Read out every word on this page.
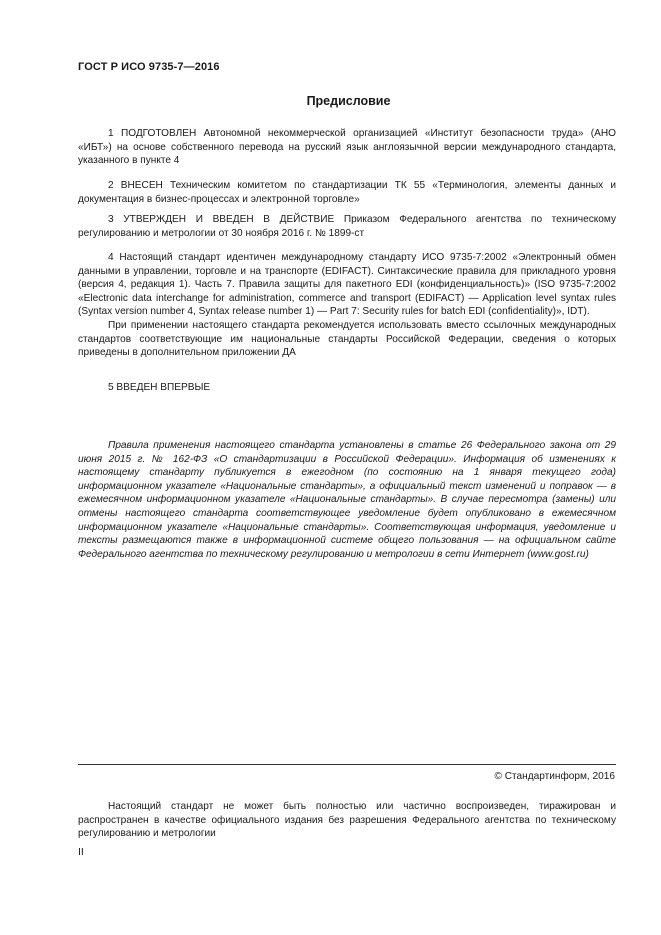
ГОСТ Р ИСО 9735-7—2016
Предисловие

1 ПОДГОТОВЛЕН Автономной некоммерческой организацией «Институт безопасности труда» (АНО «ИБТ») на основе собственного перевода на русский язык англоязычной версии международного стандарта, указанного в пункте 4

2 ВНЕСЕН Техническим комитетом по стандартизации ТК 55 «Терминология, элементы данных и документация в бизнес-процессах и электронной торговле»

3 УТВЕРЖДЕН И ВВЕДЕН В ДЕЙСТВИЕ Приказом Федерального агентства по техническому регулированию и метрологии от 30 ноября 2016 г. № 1899-ст

4 Настоящий стандарт идентичен международному стандарту ИСО 9735-7:2002 «Электронный обмен данными в управлении, торговле и на транспорте (EDIFACT). Синтаксические правила для прикладного уровня (версия 4, редакция 1). Часть 7. Правила защиты для пакетного EDI (конфиденциальность)» (ISO 9735-7:2002 «Electronic data interchange for administration, commerce and transport (EDIFACT) — Application level syntax rules (Syntax version number 4, Syntax release number 1) — Part 7: Security rules for batch EDI (confidentiality)», IDT).

При применении настоящего стандарта рекомендуется использовать вместо ссылочных международных стандартов соответствующие им национальные стандарты Российской Федерации, сведения о которых приведены в дополнительном приложении ДА

5 ВВЕДЕН ВПЕРВЫЕ

Правила применения настоящего стандарта установлены в статье 26 Федерального закона от 29 июня 2015 г. № 162-ФЗ «О стандартизации в Российской Федерации». Информация об изменениях к настоящему стандарту публикуется в ежегодном (по состоянию на 1 января текущего года) информационном указателе «Национальные стандарты», а официальный текст изменений и поправок — в ежемесячном информационном указателе «Национальные стандарты». В случае пересмотра (замены) или отмены настоящего стандарта соответствующее уведомление будет опубликовано в ежемесячном информационном указателе «Национальные стандарты». Соответствующая информация, уведомление и тексты размещаются также в информационной системе общего пользования — на официальном сайте Федерального агентства по техническому регулированию и метрологии в сети Интернет (www.gost.ru)

© Стандартинформ, 2016

Настоящий стандарт не может быть полностью или частично воспроизведен, тиражирован и распространен в качестве официального издания без разрешения Федерального агентства по техническому регулированию и метрологии

II
